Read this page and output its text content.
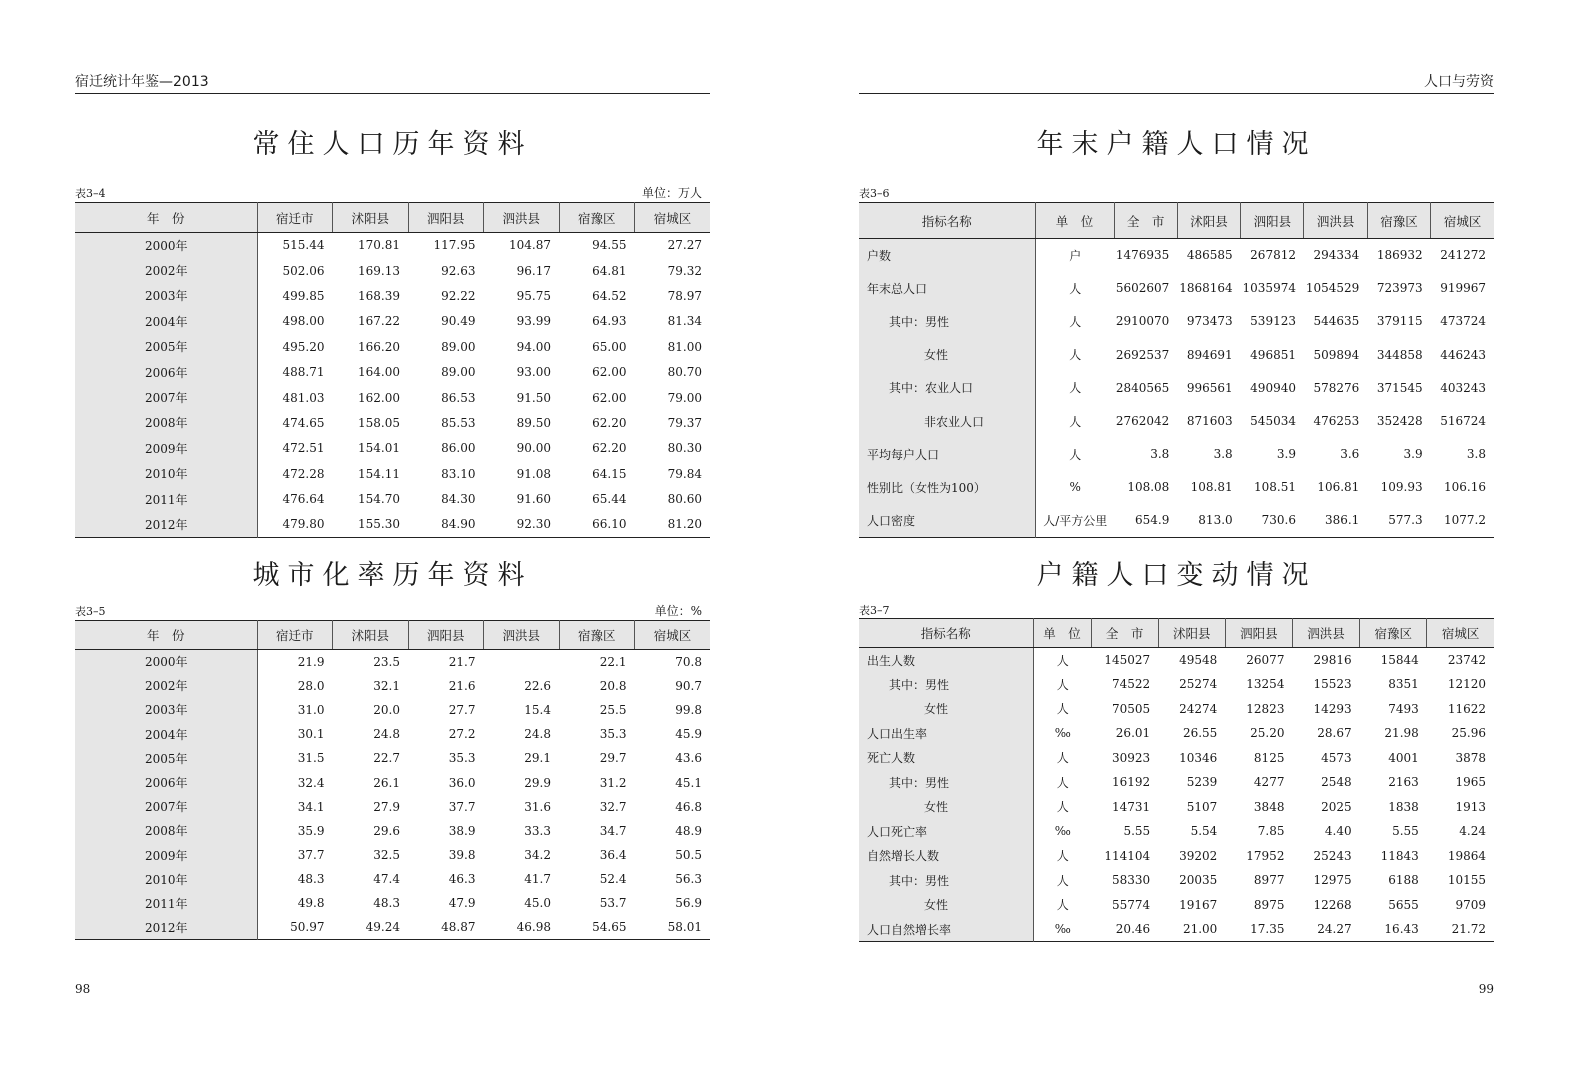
宿迁统计年鉴—2013
常住人口历年资料
表3–4	单位：万人
年　份	宿迁市	沭阳县	泗阳县	泗洪县	宿豫区	宿城区
2000年	515.44	170.81	117.95	104.87	94.55	27.27
2002年	502.06	169.13	92.63	96.17	64.81	79.32
2003年	499.85	168.39	92.22	95.75	64.52	78.97
2004年	498.00	167.22	90.49	93.99	64.93	81.34
2005年	495.20	166.20	89.00	94.00	65.00	81.00
2006年	488.71	164.00	89.00	93.00	62.00	80.70
2007年	481.03	162.00	86.53	91.50	62.00	79.00
2008年	474.65	158.05	85.53	89.50	62.20	79.37
2009年	472.51	154.01	86.00	90.00	62.20	80.30
2010年	472.28	154.11	83.10	91.08	64.15	79.84
2011年	476.64	154.70	84.30	91.60	65.44	80.60
2012年	479.80	155.30	84.90	92.30	66.10	81.20
城市化率历年资料
表3–5	单位：%
年　份	宿迁市	沭阳县	泗阳县	泗洪县	宿豫区	宿城区
2000年	21.9	23.5	21.7		22.1	70.8
2002年	28.0	32.1	21.6	22.6	20.8	90.7
2003年	31.0	20.0	27.7	15.4	25.5	99.8
2004年	30.1	24.8	27.2	24.8	35.3	45.9
2005年	31.5	22.7	35.3	29.1	29.7	43.6
2006年	32.4	26.1	36.0	29.9	31.2	45.1
2007年	34.1	27.9	37.7	31.6	32.7	46.8
2008年	35.9	29.6	38.9	33.3	34.7	48.9
2009年	37.7	32.5	39.8	34.2	36.4	50.5
2010年	48.3	47.4	46.3	41.7	52.4	56.3
2011年	49.8	48.3	47.9	45.0	53.7	56.9
2012年	50.97	49.24	48.87	46.98	54.65	58.01
98
人口与劳资
年末户籍人口情况
表3–6
指标名称	单　位	全　市	沭阳县	泗阳县	泗洪县	宿豫区	宿城区
户数	户	1476935	486585	267812	294334	186932	241272
年末总人口	人	5602607	1868164	1035974	1054529	723973	919967
其中：男性	人	2910070	973473	539123	544635	379115	473724
女性	人	2692537	894691	496851	509894	344858	446243
其中：农业人口	人	2840565	996561	490940	578276	371545	403243
非农业人口	人	2762042	871603	545034	476253	352428	516724
平均每户人口	人	3.8	3.8	3.9	3.6	3.9	3.8
性别比（女性为100）	%	108.08	108.81	108.51	106.81	109.93	106.16
人口密度	人/平方公里	654.9	813.0	730.6	386.1	577.3	1077.2
户籍人口变动情况
表3–7
指标名称	单　位	全　市	沭阳县	泗阳县	泗洪县	宿豫区	宿城区
出生人数	人	145027	49548	26077	29816	15844	23742
其中：男性	人	74522	25274	13254	15523	8351	12120
女性	人	70505	24274	12823	14293	7493	11622
人口出生率	‰	26.01	26.55	25.20	28.67	21.98	25.96
死亡人数	人	30923	10346	8125	4573	4001	3878
其中：男性	人	16192	5239	4277	2548	2163	1965
女性	人	14731	5107	3848	2025	1838	1913
人口死亡率	‰	5.55	5.54	7.85	4.40	5.55	4.24
自然增长人数	人	114104	39202	17952	25243	11843	19864
其中：男性	人	58330	20035	8977	12975	6188	10155
女性	人	55774	19167	8975	12268	5655	9709
人口自然增长率	‰	20.46	21.00	17.35	24.27	16.43	21.72
99
